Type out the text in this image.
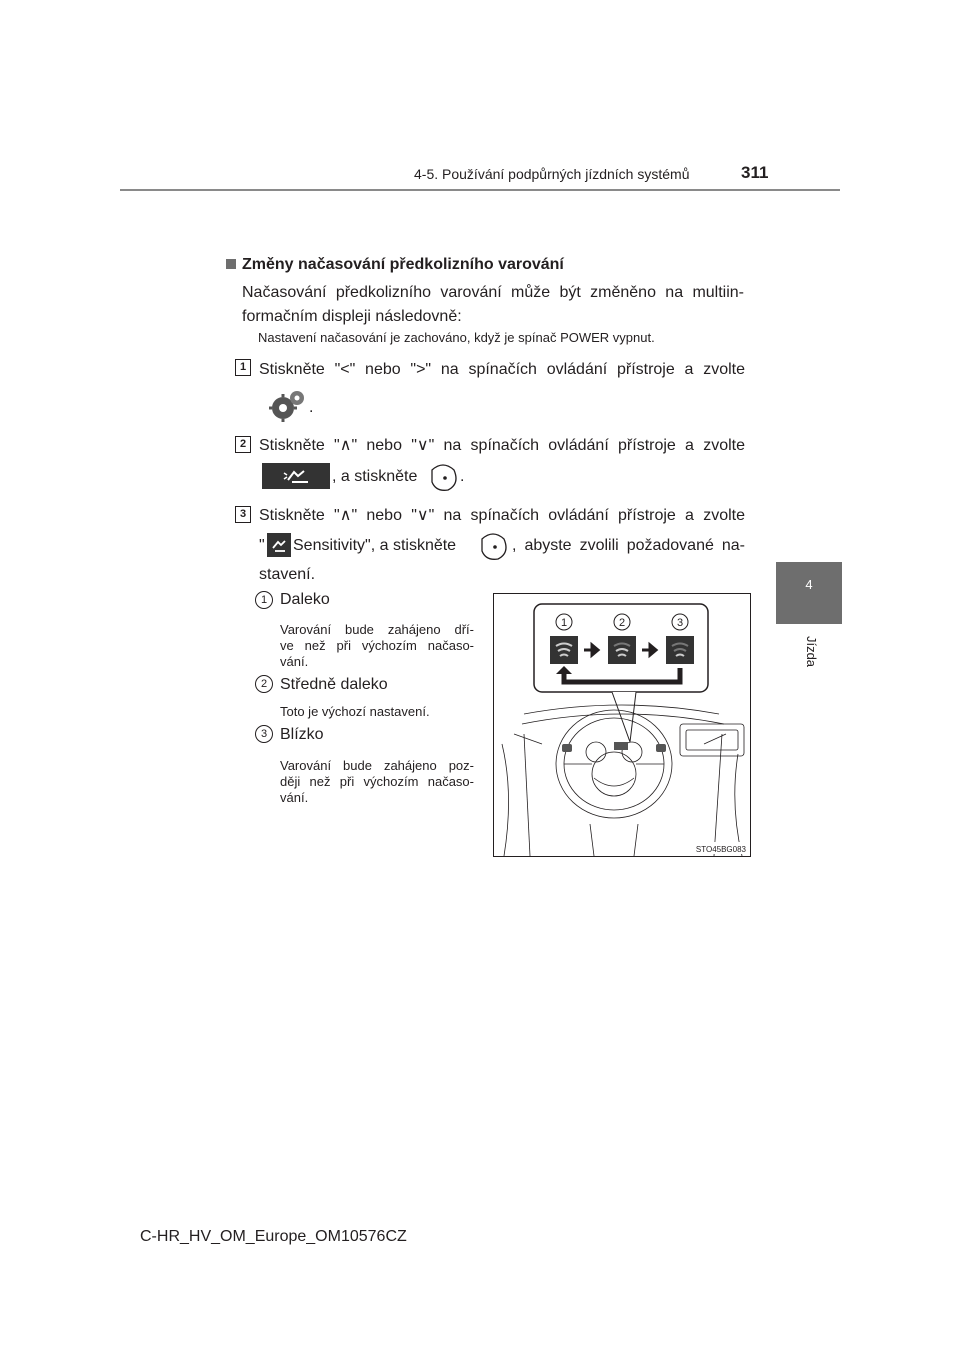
4-5. Používání podpůrných jízdních systémů	311
4
Jízda
Změny načasování předkolizního varování
Načasování předkolizního varování může být změněno na multiin-
formačním displeji následovně:
Nastavení načasování je zachováno, když je spínač POWER vypnut.
1 Stiskněte "<" nebo ">" na spínačích ovládání přístroje a zvolte
.
2 Stiskněte "∧" nebo "∨" na spínačích ovládání přístroje a zvolte
, a stiskněte	.
3 Stiskněte "∧" nebo "∨" na spínačích ovládání přístroje a zvolte
" Sensitivity", a stiskněte	, abyste zvolili požadované na-
stavení.
1 Daleko
Varování bude zahájeno dří-
ve než při výchozím načaso-
vání.
2 Středně daleko
Toto je výchozí nastavení.
3 Blízko
Varování bude zahájeno poz-
ději než při výchozím načaso-
vání.
1	2	3
STO45BG083
C-HR_HV_OM_Europe_OM10576CZ
